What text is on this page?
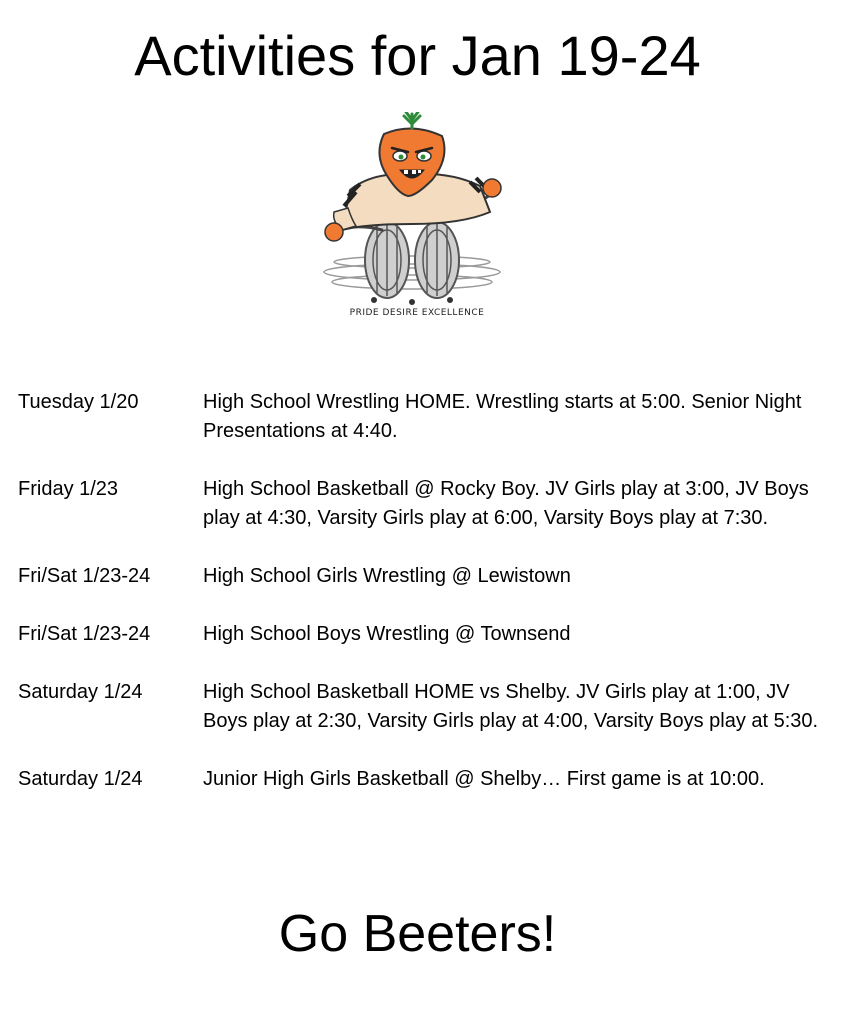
Activities for Jan 19-24
PRIDE DESIRE EXCELLENCE
Tuesday 1/20	High School Wrestling HOME. Wrestling starts at 5:00. Senior Night Presentations at 4:40.
Friday 1/23	High School Basketball @ Rocky Boy. JV Girls play at 3:00, JV Boys play at 4:30, Varsity Girls play at 6:00, Varsity Boys play at 7:30.
Fri/Sat 1/23-24	High School Girls Wrestling @ Lewistown
Fri/Sat 1/23-24	High School Boys Wrestling @ Townsend
Saturday 1/24	High School Basketball HOME vs Shelby. JV Girls play at 1:00, JV Boys play at 2:30, Varsity Girls play at 4:00, Varsity Boys play at 5:30.
Saturday 1/24	Junior High Girls Basketball @ Shelby… First game is at 10:00.
Go Beeters!
